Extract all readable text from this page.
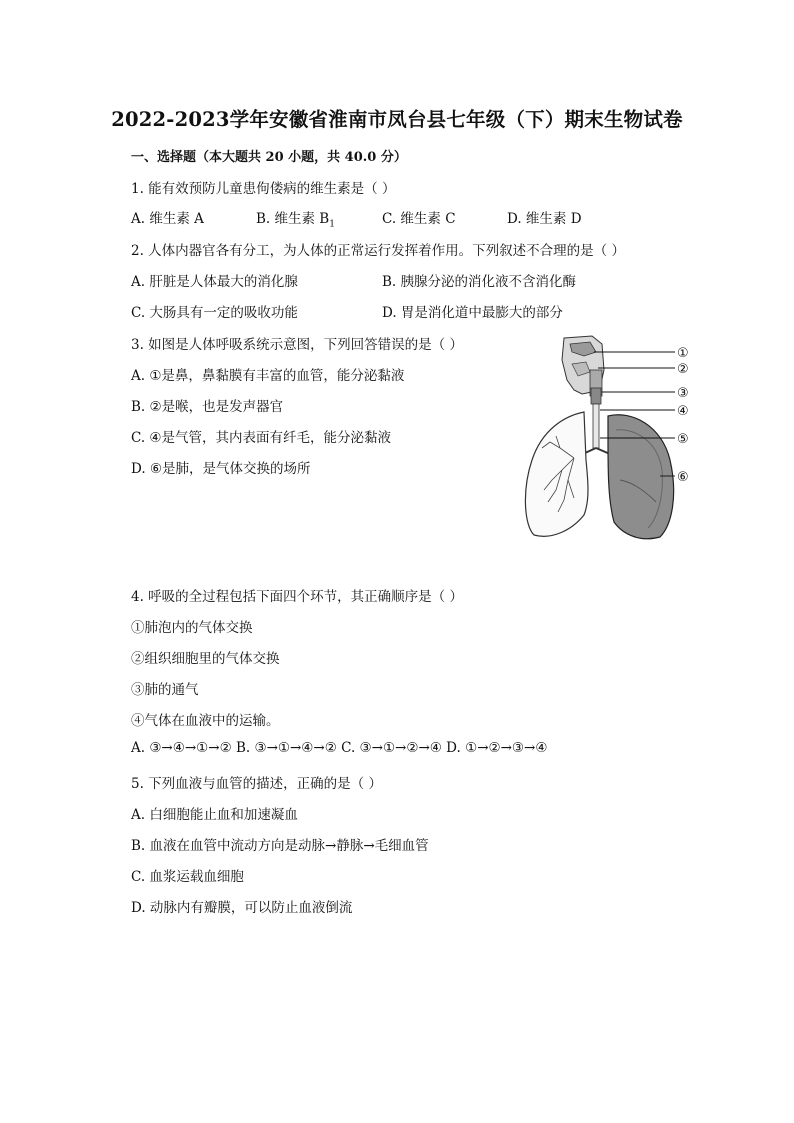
2022-2023学年安徽省淮南市凤台县七年级（下）期末生物试卷
一、选择题（本大题共 20 小题，共 40.0 分）
1. 能有效预防儿童患佝偻病的维生素是（ ）
A. 维生素 A	B. 维生素 $B_1$	C. 维生素 C	D. 维生素 D
2. 人体内器官各有分工，为人体的正常运行发挥着作用。下列叙述不合理的是（ ）
A. 肝脏是人体最大的消化腺	B. 胰腺分泌的消化液不含消化酶
C. 大肠具有一定的吸收功能	D. 胃是消化道中最膨大的部分
3. 如图是人体呼吸系统示意图，下列回答错误的是（ ）
A. ①是鼻，鼻黏膜有丰富的血管，能分泌黏液
B. ②是喉，也是发声器官
C. ④是气管，其内表面有纤毛，能分泌黏液
D. ⑥是肺，是气体交换的场所
①
②
③
④
⑤
⑥
4. 呼吸的全过程包括下面四个环节，其正确顺序是（ ）
①肺泡内的气体交换
②组织细胞里的气体交换
③肺的通气
④气体在血液中的运输。
A. ③→④→①→② B. ③→①→④→② C. ③→①→②→④ D. ①→②→③→④
5. 下列血液与血管的描述，正确的是（ ）
A. 白细胞能止血和加速凝血
B. 血液在血管中流动方向是动脉→静脉→毛细血管
C. 血浆运载血细胞
D. 动脉内有瓣膜，可以防止血液倒流
